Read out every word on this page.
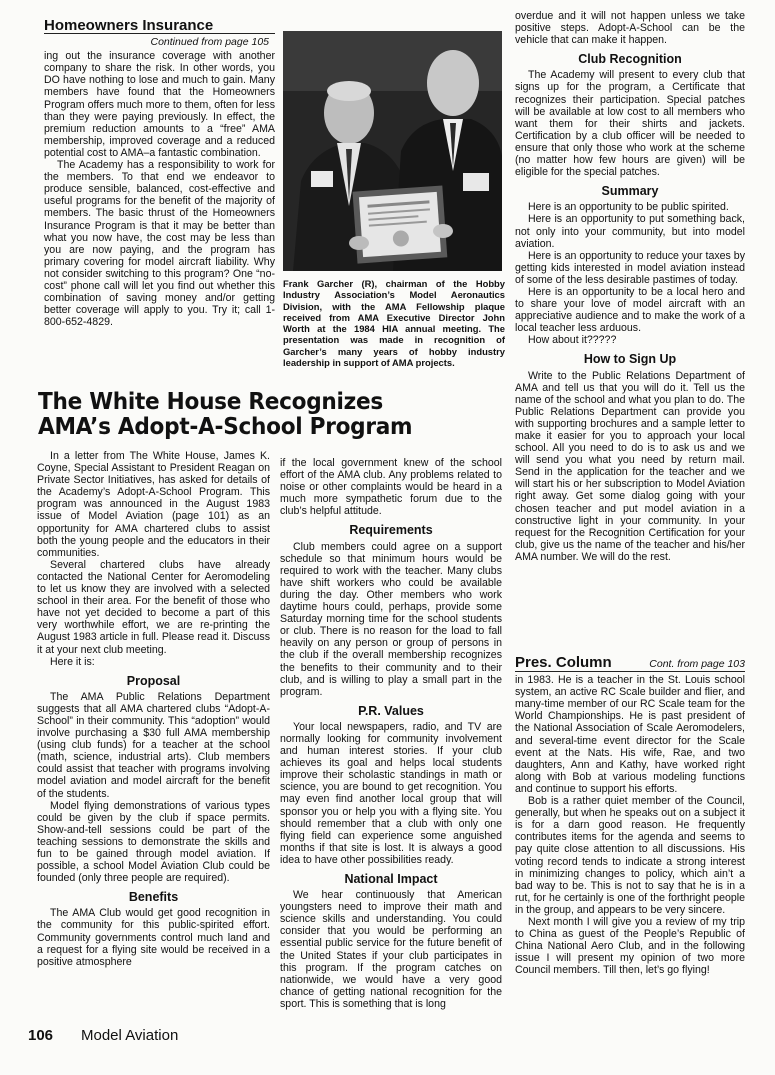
Homeowners Insurance
Continued from page 105

ing out the insurance coverage with another company to share the risk. In other words, you DO have nothing to lose and much to gain. Many members have found that the Homeowners Program offers much more to them, often for less than they were paying previously. In effect, the premium reduction amounts to a “free” AMA membership, improved coverage and a reduced potential cost to AMA–a fantastic combination.

The Academy has a responsibility to work for the members. To that end we endeavor to produce sensible, balanced, cost-effective and useful programs for the benefit of the majority of members. The basic thrust of the Homeowners Insurance Program is that it may be better than what you now have, the cost may be less than you are now paying, and the program has primary covering for model aircraft liability. Why not consider switching to this program? One “no-cost” phone call will let you find out whether this combination of saving money and/or getting better coverage will apply to you. Try it; call 1-800-652-4829.

Frank Garcher (R), chairman of the Hobby Industry Association’s Model Aeronautics Division, with the AMA Fellowship plaque received from AMA Executive Director John Worth at the 1984 HIA annual meeting. The presentation was made in recognition of Garcher’s many years of hobby industry leadership in support of AMA projects.
The White House Recognizes
AMA’s Adopt-A-School Program

In a letter from The White House, James K. Coyne, Special Assistant to President Reagan on Private Sector Initiatives, has asked for details of the Academy’s Adopt-A-School Program. This program was announced in the August 1983 issue of Model Aviation (page 101) as an opportunity for AMA chartered clubs to assist both the young people and the educators in their communities.

Several chartered clubs have already contacted the National Center for Aeromodeling to let us know they are involved with a selected school in their area. For the benefit of those who have not yet decided to become a part of this very worthwhile effort, we are re-printing the August 1983 article in full. Please read it. Discuss it at your next club meeting.

Here it is:

Proposal

The AMA Public Relations Department suggests that all AMA chartered clubs “Adopt-A-School” in their community. This “adoption” would involve purchasing a $30 full AMA membership (using club funds) for a teacher at the school (math, science, industrial arts). Club members could assist that teacher with programs involving model aviation and model aircraft for the benefit of the students.

Model flying demonstrations of various types could be given by the club if space permits. Show-and-tell sessions could be part of the teaching sessions to demonstrate the skills and fun to be gained through model aviation. If possible, a school Model Aviation Club could be founded (only three people are required).

Benefits

The AMA Club would get good recognition in the community for this public-spirited effort. Community governments control much land and a request for a flying site would be received in a positive atmosphere

if the local government knew of the school effort of the AMA club. Any problems related to noise or other complaints would be heard in a much more sympathetic forum due to the club’s helpful attitude.

Requirements

Club members could agree on a support schedule so that minimum hours would be required to work with the teacher. Many clubs have shift workers who could be available during the day. Other members who work daytime hours could, perhaps, provide some Saturday morning time for the school students or club. There is no reason for the load to fall heavily on any person or group of persons in the club if the overall membership recognizes the benefits to their community and to their club, and is willing to play a small part in the program.

P.R. Values

Your local newspapers, radio, and TV are normally looking for community involvement and human interest stories. If your club achieves its goal and helps local students improve their scholastic standings in math or science, you are bound to get recognition. You may even find another local group that will sponsor you or help you with a flying site. You should remember that a club with only one flying field can experience some anguished months if that site is lost. It is always a good idea to have other possibilities ready.

National Impact

We hear continuously that American youngsters need to improve their math and science skills and understanding. You could consider that you would be performing an essential public service for the future benefit of the United States if your club participates in this program. If the program catches on nationwide, we would have a very good chance of getting national recognition for the sport. This is something that is long

overdue and it will not happen unless we take positive steps. Adopt-A-School can be the vehicle that can make it happen.

Club Recognition

The Academy will present to every club that signs up for the program, a Certificate that recognizes their participation. Special patches will be available at low cost to all members who want them for their shirts and jackets. Certification by a club officer will be needed to ensure that only those who work at the scheme (no matter how few hours are given) will be eligible for the special patches.

Summary

Here is an opportunity to be public spirited.

Here is an opportunity to put something back, not only into your community, but into model aviation.

Here is an opportunity to reduce your taxes by getting kids interested in model aviation instead of some of the less desirable pastimes of today.

Here is an opportunity to be a local hero and to share your love of model aircraft with an appreciative audience and to make the work of a local teacher less arduous.

How about it?????

How to Sign Up

Write to the Public Relations Department of AMA and tell us that you will do it. Tell us the name of the school and what you plan to do. The Public Relations Department can provide you with supporting brochures and a sample letter to make it easier for you to approach your local school. All you need to do is to ask us and we will send you what you need by return mail. Send in the application for the teacher and we will start his or her subscription to Model Aviation right away. Get some dialog going with your chosen teacher and put model aviation in a constructive light in your community. In your request for the Recognition Certification for your club, give us the name of the teacher and his/her AMA number. We will do the rest.

Pres. Column	Cont. from page 103

in 1983. He is a teacher in the St. Louis school system, an active RC Scale builder and flier, and many-time member of our RC Scale team for the World Championships. He is past president of the National Association of Scale Aeromodelers, and several-time event director for the Scale event at the Nats. His wife, Rae, and two daughters, Ann and Kathy, have worked right along with Bob at various modeling functions and continue to support his efforts.

Bob is a rather quiet member of the Council, generally, but when he speaks out on a subject it is for a darn good reason. He frequently contributes items for the agenda and seems to pay quite close attention to all discussions. His voting record tends to indicate a strong interest in minimizing changes to policy, which ain’t a bad way to be. This is not to say that he is in a rut, for he certainly is one of the forthright people in the group, and appears to be very sincere.

Next month I will give you a review of my trip to China as guest of the People’s Republic of China National Aero Club, and in the following issue I will present my opinion of two more Council members. Till then, let’s go flying!

106 Model Aviation
